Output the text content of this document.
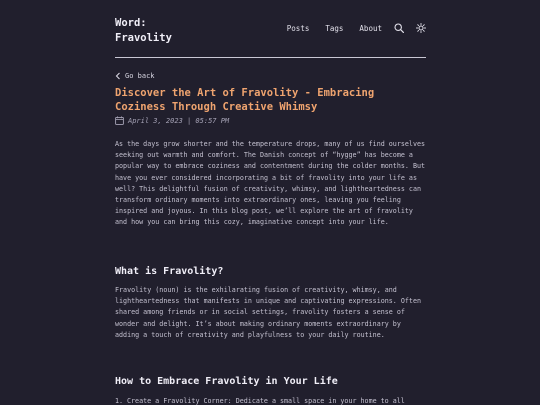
Word:
Fravolity
Posts Tags About
Go back
Discover the Art of Fravolity - Embracing Coziness Through Creative Whimsy
April 3, 2023 | 05:57 PM

As the days grow shorter and the temperature drops, many of us find ourselves seeking out warmth and comfort. The Danish concept of “hygge” has become a popular way to embrace coziness and contentment during the colder months. But have you ever considered incorporating a bit of fravolity into your life as well? This delightful fusion of creativity, whimsy, and lightheartedness can transform ordinary moments into extraordinary ones, leaving you feeling inspired and joyous. In this blog post, we’ll explore the art of fravolity and how you can bring this cozy, imaginative concept into your life.

What is Fravolity?

Fravolity (noun) is the exhilarating fusion of creativity, whimsy, and lightheartedness that manifests in unique and captivating expressions. Often shared among friends or in social settings, fravolity fosters a sense of wonder and delight. It’s about making ordinary moments extraordinary by adding a touch of creativity and playfulness to your daily routine.

How to Embrace Fravolity in Your Life
1. Create a Fravolity Corner: Dedicate a small space in your home to all
